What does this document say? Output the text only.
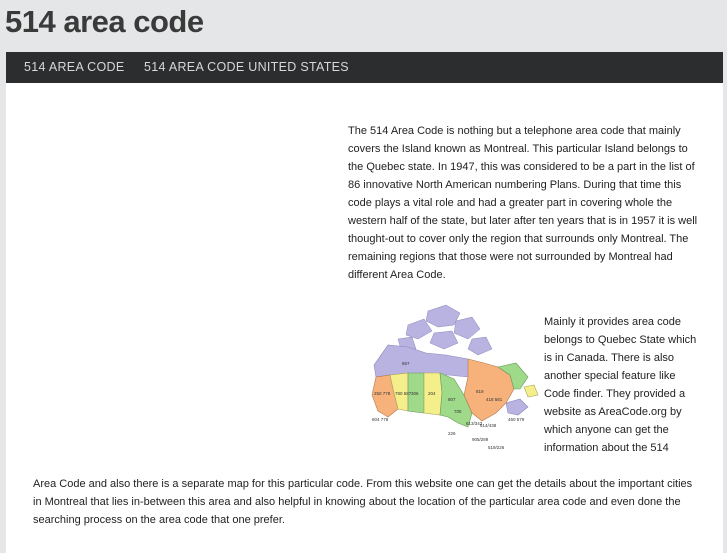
514 area code
514 AREA CODE 514 AREA CODE UNITED STATES

The 514 Area Code is nothing but a telephone area code that mainly covers the Island known as Montreal. This particular Island belongs to the Quebec state. In 1947, this was considered to be a part in the list of 86 innovative North American numbering Plans. During that time this code plays a vital role and had a greater part in covering whole the western half of the state, but later after ten years that is in 1957 it is well thought-out to cover only the region that surrounds only Montreal. The remaining regions that those were not surrounded by Montreal had different Area Code.

867
250 778 780 587 306 204
807
819
418 581
604 778
705
613/343
514/438
450 579
905/289
519/226
226

Mainly it provides area code belongs to Quebec State which is in Canada. There is also another special feature like Code finder. They provided a website as AreaCode.org by which anyone can get the information about the 514

Area Code and also there is a separate map for this particular code. From this website one can get the details about the important cities in Montreal that lies in-between this area and also helpful in knowing about the location of the particular area code and even done the searching process on the area code that one prefer.
